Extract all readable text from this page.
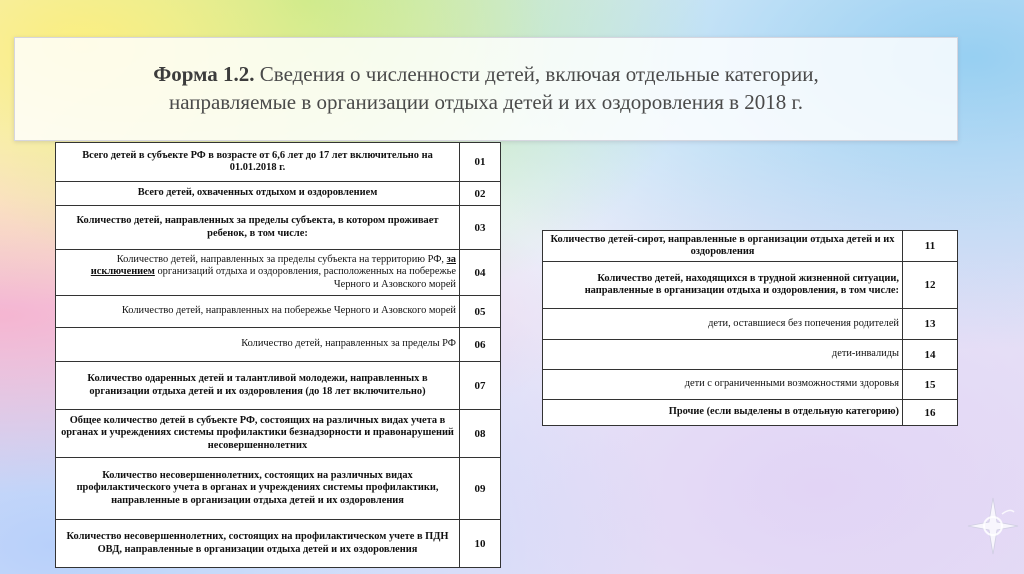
Форма 1.2. Сведения о численности детей, включая отдельные категории,
направляемые в организации отдыха детей и их оздоровления в 2018 г.
Всего детей в субъекте РФ в возрасте от 6,6 лет до 17 лет включительно на 01.01.2018 г.	01
Всего детей, охваченных отдыхом и оздоровлением	02
Количество детей, направленных за пределы субъекта, в котором проживает ребенок, в том числе:	03
Количество детей, направленных за пределы субъекта на территорию РФ, за исключением организаций отдыха и оздоровления, расположенных на побережье Черного и Азовского морей	04
Количество детей, направленных на побережье Черного и Азовского морей	05
Количество детей, направленных за пределы РФ	06
Количество одаренных детей и талантливой молодежи, направленных в организации отдыха детей и их оздоровления (до 18 лет включительно)	07
Общее количество детей в субъекте РФ, состоящих на различных видах учета в органах и учреждениях системы профилактики безнадзорности и правонарушений несовершеннолетних	08
Количество несовершеннолетних, состоящих на различных видах профилактического учета в органах и учреждениях системы профилактики, направленные в организации отдыха детей и их оздоровления	09
Количество несовершеннолетних, состоящих на профилактическом учете в ПДН ОВД, направленные в организации отдыха детей и их оздоровления	10
Количество детей-сирот, направленные в организации отдыха детей и их оздоровления	11
Количество детей, находящихся в трудной жизненной ситуации, направленные в организации отдыха и оздоровления, в том числе:	12
дети, оставшиеся без попечения родителей	13
дети-инвалиды	14
дети с ограниченными возможностями здоровья	15
Прочие (если выделены в отдельную категорию)	16
